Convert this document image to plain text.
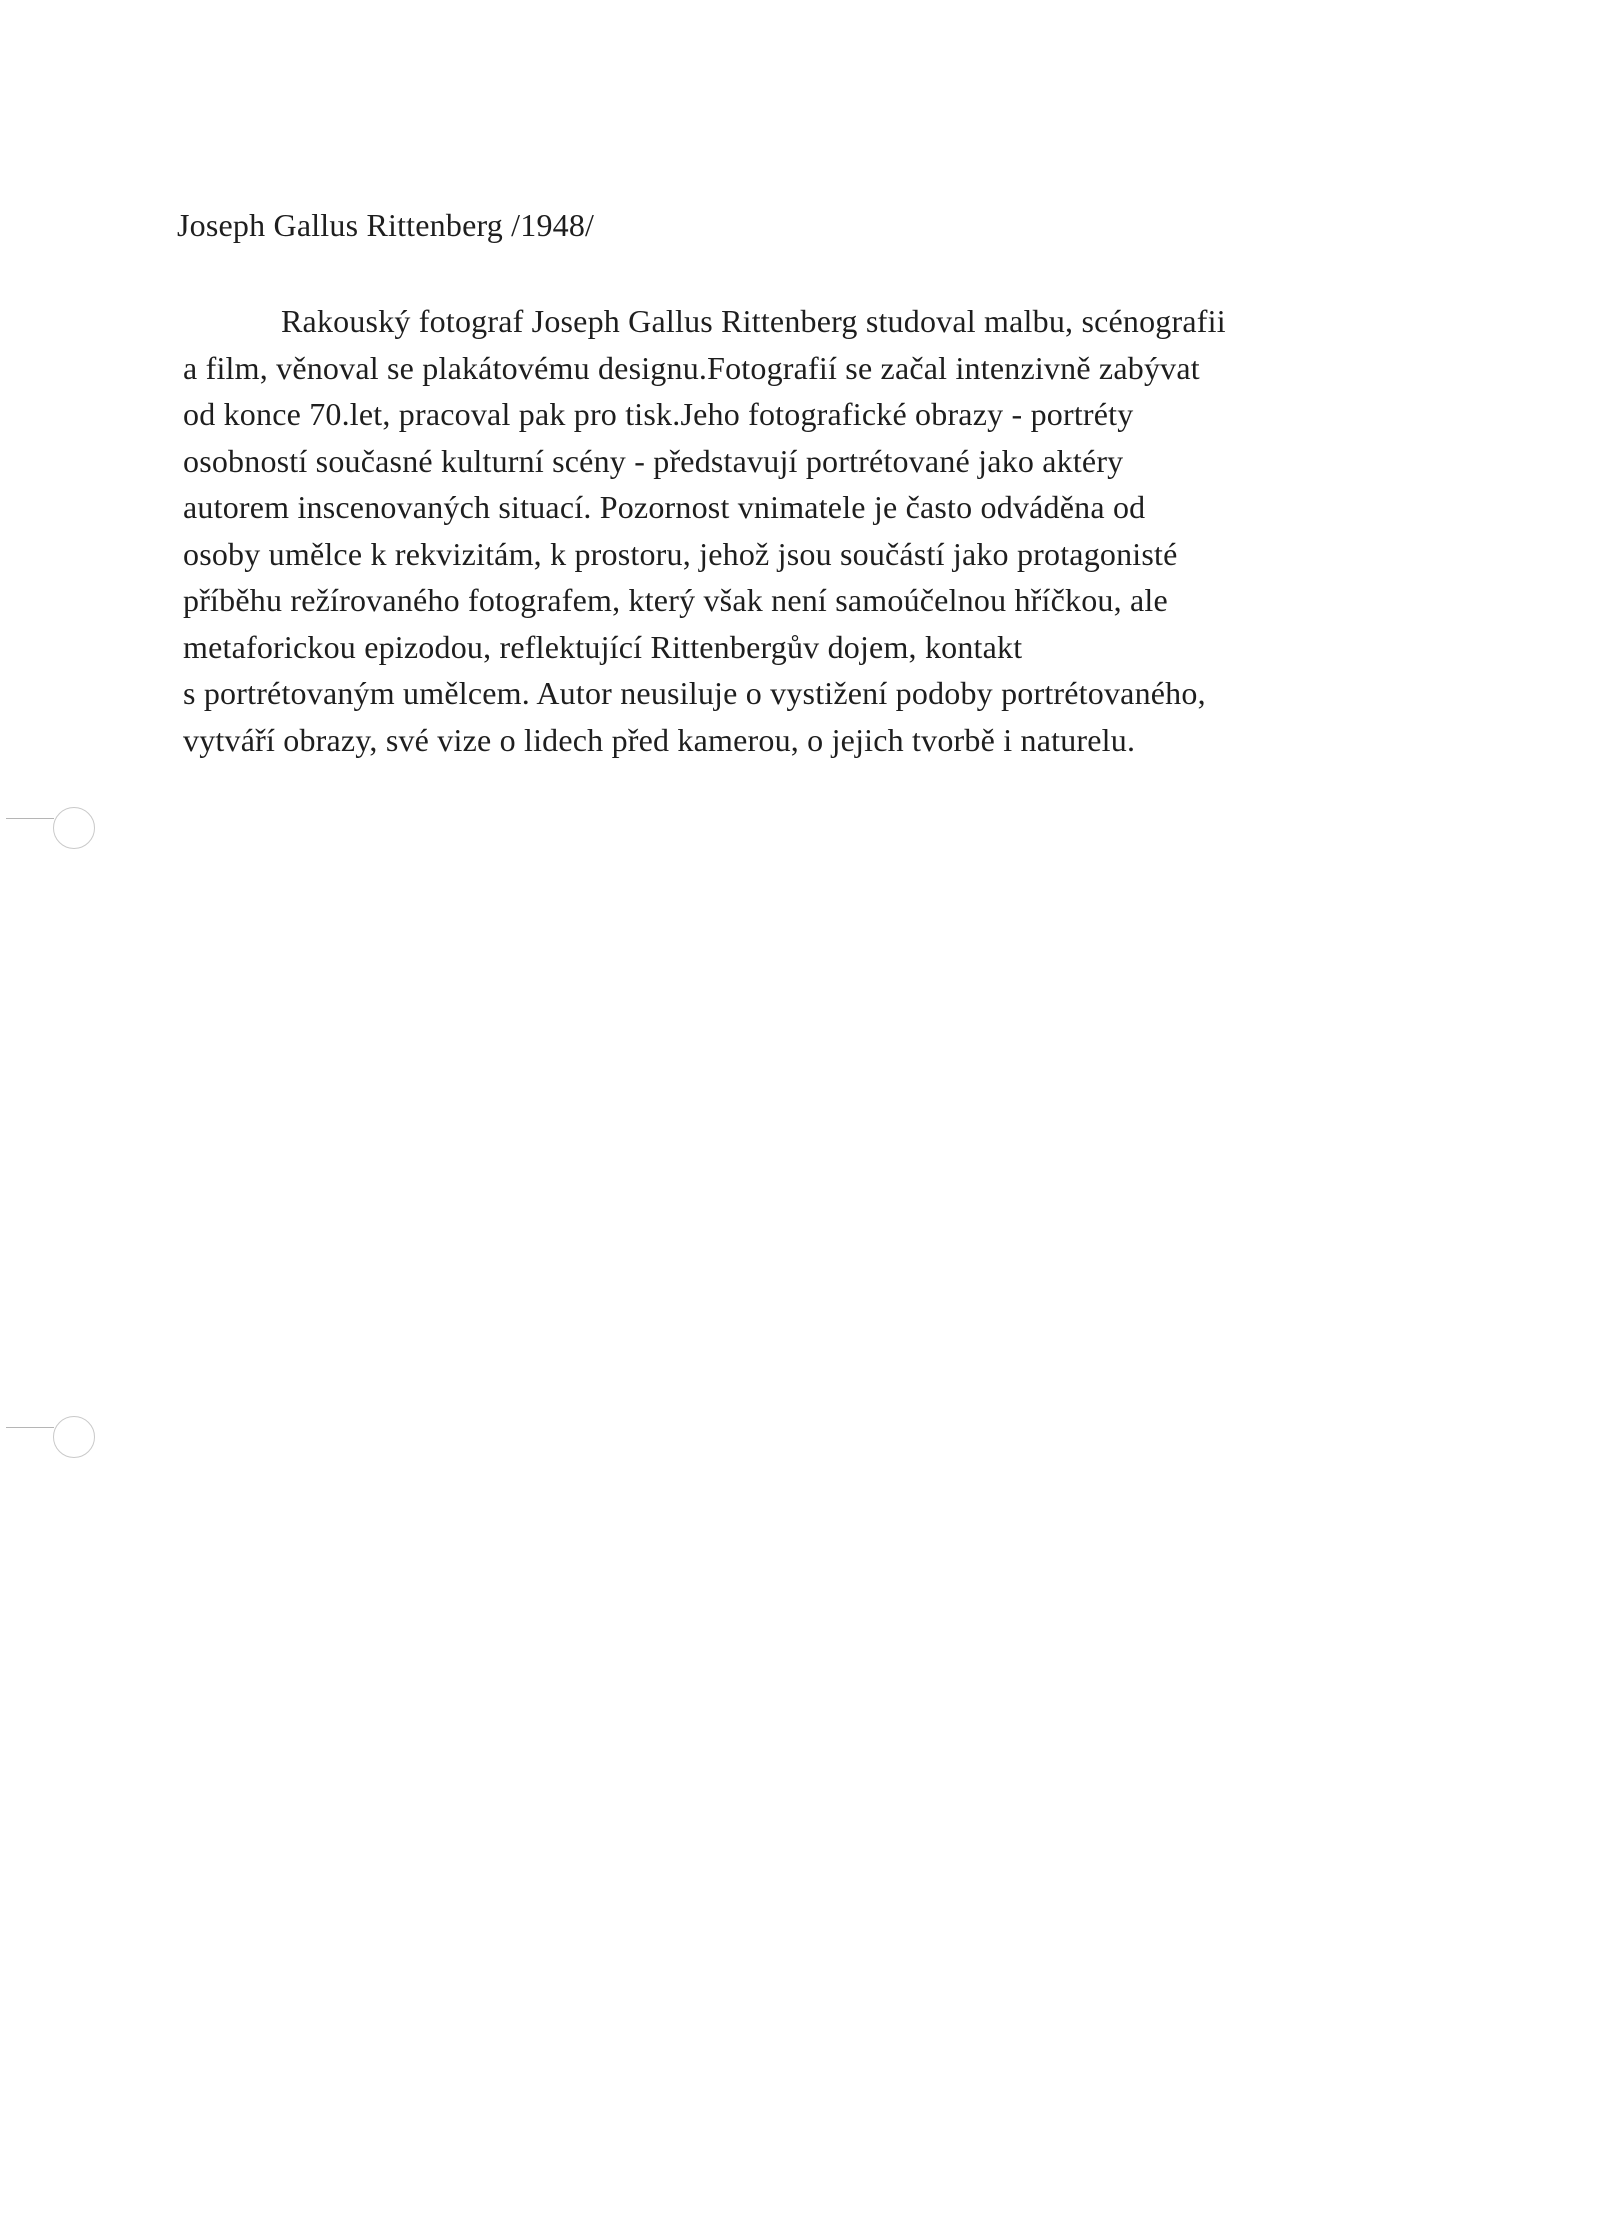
Joseph Gallus Rittenberg /1948/
Rakouský fotograf Joseph Gallus Rittenberg studoval malbu, scénografii
a film, věnoval se plakátovému designu.Fotografií se začal intenzivně zabývat
od konce 70.let, pracoval pak pro tisk.Jeho fotografické obrazy - portréty
osobností současné kulturní scény - představují portrétované jako aktéry
autorem inscenovaných situací. Pozornost vnimatele je často odváděna od
osoby umělce k rekvizitám, k prostoru, jehož jsou součástí jako protagonisté
příběhu režírovaného fotografem, který však není samoúčelnou hříčkou, ale
metaforickou epizodou, reflektující Rittenbergův dojem, kontakt
s portrétovaným umělcem. Autor neusiluje o vystižení podoby portrétovaného,
vytváří obrazy, své vize o lidech před kamerou, o jejich tvorbě i naturelu.
